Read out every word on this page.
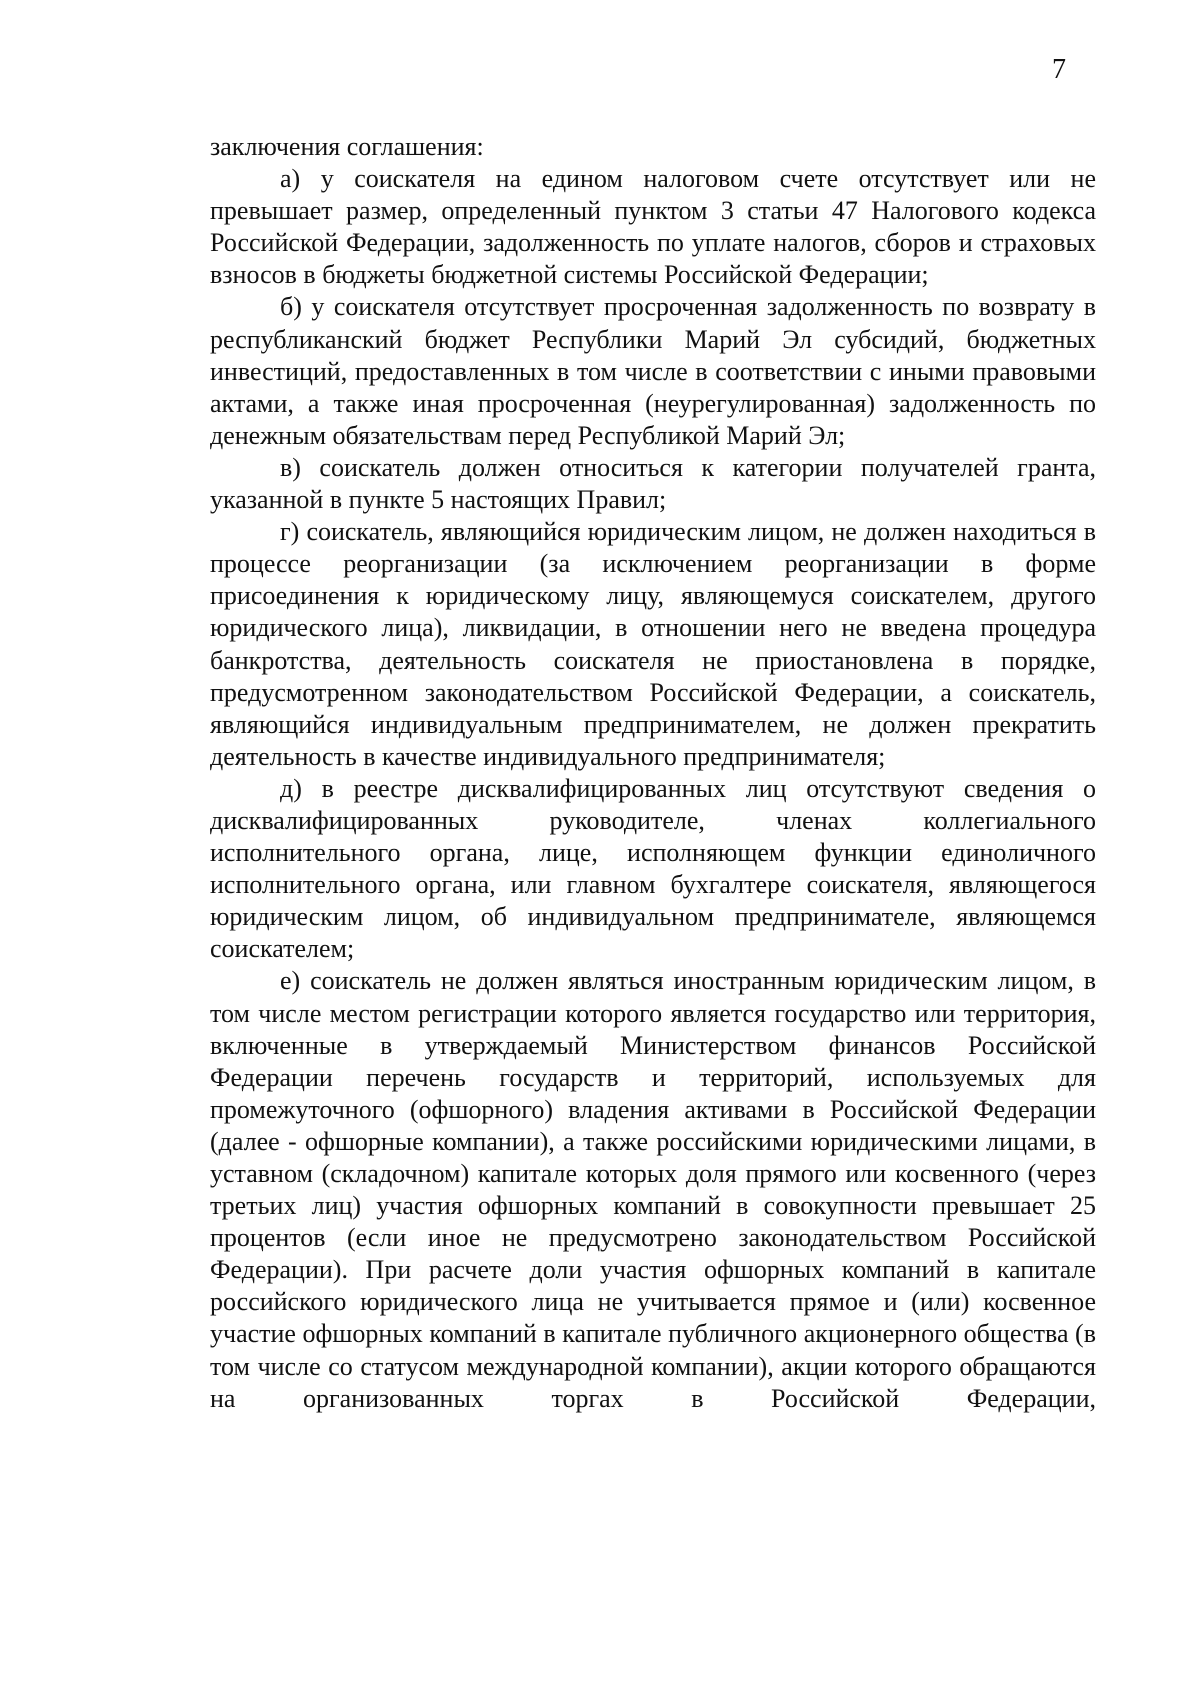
7

заключения соглашения:

а) у соискателя на едином налоговом счете отсутствует или не превышает размер, определенный пунктом 3 статьи 47 Налогового кодекса Российской Федерации, задолженность по уплате налогов, сборов и страховых взносов в бюджеты бюджетной системы Российской Федерации;

б) у соискателя отсутствует просроченная задолженность по возврату в республиканский бюджет Республики Марий Эл субсидий, бюджетных инвестиций, предоставленных в том числе в соответствии с иными правовыми актами, а также иная просроченная (неурегулированная) задолженность по денежным обязательствам перед Республикой Марий Эл;

в) соискатель должен относиться к категории получателей гранта, указанной в пункте 5 настоящих Правил;

г) соискатель, являющийся юридическим лицом, не должен находиться в процессе реорганизации (за исключением реорганизации в форме присоединения к юридическому лицу, являющемуся соискателем, другого юридического лица), ликвидации, в отношении него не введена процедура банкротства, деятельность соискателя не приостановлена в порядке, предусмотренном законодательством Российской Федерации, а соискатель, являющийся индивидуальным предпринимателем, не должен прекратить деятельность в качестве индивидуального предпринимателя;

д) в реестре дисквалифицированных лиц отсутствуют сведения о дисквалифицированных руководителе, членах коллегиального исполнительного органа, лице, исполняющем функции единоличного исполнительного органа, или главном бухгалтере соискателя, являющегося юридическим лицом, об индивидуальном предпринимателе, являющемся соискателем;

е) соискатель не должен являться иностранным юридическим лицом, в том числе местом регистрации которого является государство или территория, включенные в утверждаемый Министерством финансов Российской Федерации перечень государств и территорий, используемых для промежуточного (офшорного) владения активами в Российской Федерации (далее - офшорные компании), а также российскими юридическими лицами, в уставном (складочном) капитале которых доля прямого или косвенного (через третьих лиц) участия офшорных компаний в совокупности превышает 25 процентов (если иное не предусмотрено законодательством Российской Федерации). При расчете доли участия офшорных компаний в капитале российского юридического лица не учитывается прямое и (или) косвенное участие офшорных компаний в капитале публичного акционерного общества (в том числе со статусом международной компании), акции которого обращаются на организованных торгах в Российской Федерации,
